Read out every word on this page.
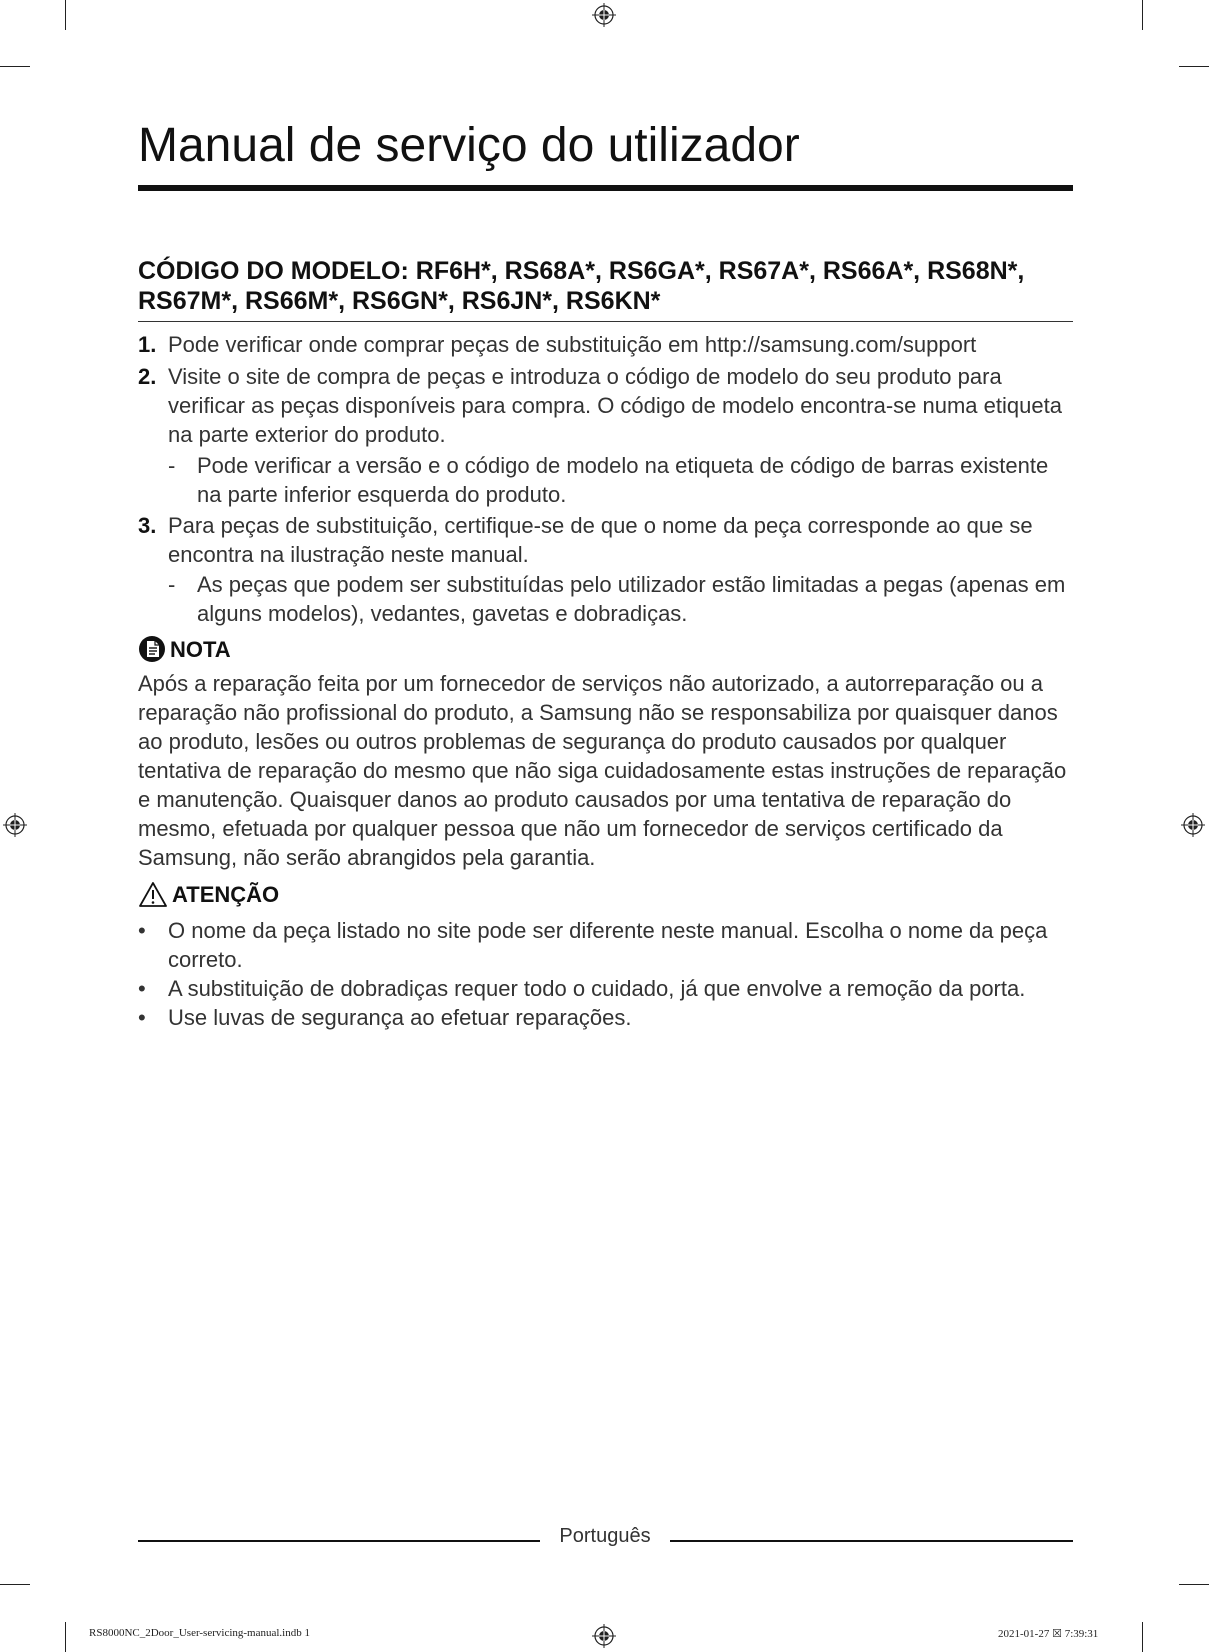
Manual de serviço do utilizador
CÓDIGO DO MODELO: RF6H*, RS68A*, RS6GA*, RS67A*, RS66A*, RS68N*, RS67M*, RS66M*, RS6GN*, RS6JN*, RS6KN*
1. Pode verificar onde comprar peças de substituição em http://samsung.com/support
2. Visite o site de compra de peças e introduza o código de modelo do seu produto para verificar as peças disponíveis para compra. O código de modelo encontra-se numa etiqueta na parte exterior do produto.
- Pode verificar a versão e o código de modelo na etiqueta de código de barras existente na parte inferior esquerda do produto.
3. Para peças de substituição, certifique-se de que o nome da peça corresponde ao que se encontra na ilustração neste manual.
- As peças que podem ser substituídas pelo utilizador estão limitadas a pegas (apenas em alguns modelos), vedantes, gavetas e dobradiças.
NOTA
Após a reparação feita por um fornecedor de serviços não autorizado, a autorreparação ou a reparação não profissional do produto, a Samsung não se responsabiliza por quaisquer danos ao produto, lesões ou outros problemas de segurança do produto causados por qualquer tentativa de reparação do mesmo que não siga cuidadosamente estas instruções de reparação e manutenção. Quaisquer danos ao produto causados por uma tentativa de reparação do mesmo, efetuada por qualquer pessoa que não um fornecedor de serviços certificado da Samsung, não serão abrangidos pela garantia.
ATENÇÃO
• O nome da peça listado no site pode ser diferente neste manual. Escolha o nome da peça correto.
• A substituição de dobradiças requer todo o cuidado, já que envolve a remoção da porta.
• Use luvas de segurança ao efetuar reparações.
Português
RS8000NC_2Door_User-servicing-manual.indb 1	2021-01-27 ☒ 7:39:31
